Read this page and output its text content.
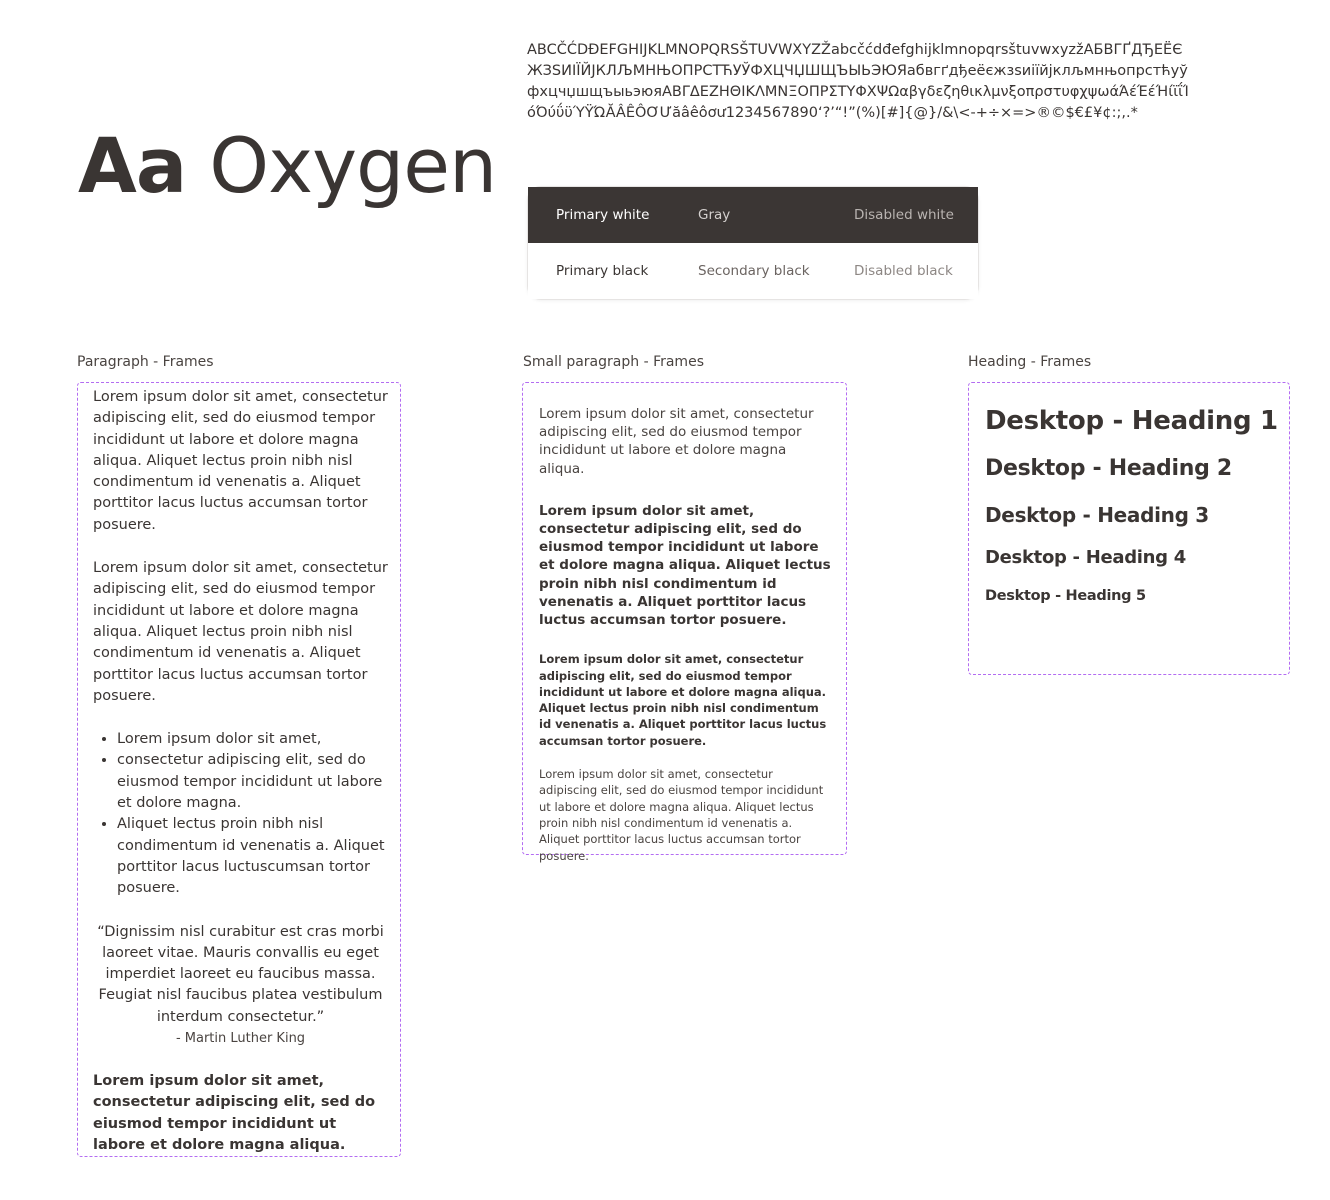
Aa Oxygen
ABCČĆDĐEFGHIJKLMNOPQRSŠTUVWXYZŽabcčćdđefghijklmnopqrsštuvwxyzžАБВГҐДЂЕЁЄЖЗЅИІЇЙЈКЛЉМНЊОПРСТЋУЎФХЦЧЏШЩЪЫЬЭЮЯабвгґдђеёєжзѕиіїйјклљмнњопрстћуўфхцчџшщъыьэюяΑΒΓΔΕΖΗΘΙΚΛΜΝΞΟΠΡΣΤΥΦΧΨΩαβγδεζηθικλμνξοπρστυφχψωάΆέΈέΉίϊΐΊόΌύΰϋΎΫΏĂÂÊÔƠƯăâêôơư1234567890‘?’“!”(%)[#]{@}/&\<-+÷×=>®©$€£¥¢:;,.*
Primary white	Gray	Disabled white
Primary black	Secondary black	Disabled black
Paragraph - Frames

Lorem ipsum dolor sit amet, consectetur adipiscing elit, sed do eiusmod tempor incididunt ut labore et dolore magna aliqua. Aliquet lectus proin nibh nisl condimentum id venenatis a. Aliquet porttitor lacus luctus accumsan tortor posuere.

Lorem ipsum dolor sit amet, consectetur adipiscing elit, sed do eiusmod tempor incididunt ut labore et dolore magna aliqua. Aliquet lectus proin nibh nisl condimentum id venenatis a. Aliquet porttitor lacus luctus accumsan tortor posuere.

• Lorem ipsum dolor sit amet,
• consectetur adipiscing elit, sed do eiusmod tempor incididunt ut labore et dolore magna.
• Aliquet lectus proin nibh nisl condimentum id venenatis a. Aliquet porttitor lacus luctuscumsan tortor posuere.
“Dignissim nisl curabitur est cras morbi laoreet vitae. Mauris convallis eu eget imperdiet laoreet eu faucibus massa. Feugiat nisl faucibus platea vestibulum interdum consectetur.”
- Martin Luther King

Lorem ipsum dolor sit amet, consectetur adipiscing elit, sed do eiusmod tempor incididunt ut labore et dolore magna aliqua.

Small paragraph - Frames

Lorem ipsum dolor sit amet, consectetur adipiscing elit, sed do eiusmod tempor incididunt ut labore et dolore magna aliqua.

Lorem ipsum dolor sit amet, consectetur adipiscing elit, sed do eiusmod tempor incididunt ut labore et dolore magna aliqua. Aliquet lectus proin nibh nisl condimentum id venenatis a. Aliquet porttitor lacus luctus accumsan tortor posuere.

Lorem ipsum dolor sit amet, consectetur adipiscing elit, sed do eiusmod tempor incididunt ut labore et dolore magna aliqua. Aliquet lectus proin nibh nisl condimentum id venenatis a. Aliquet porttitor lacus luctus accumsan tortor posuere.

Lorem ipsum dolor sit amet, consectetur adipiscing elit, sed do eiusmod tempor incididunt ut labore et dolore magna aliqua. Aliquet lectus proin nibh nisl condimentum id venenatis a. Aliquet porttitor lacus luctus accumsan tortor posuere.

Heading - Frames
Desktop - Heading 1
Desktop - Heading 2
Desktop - Heading 3
Desktop - Heading 4
Desktop - Heading 5
